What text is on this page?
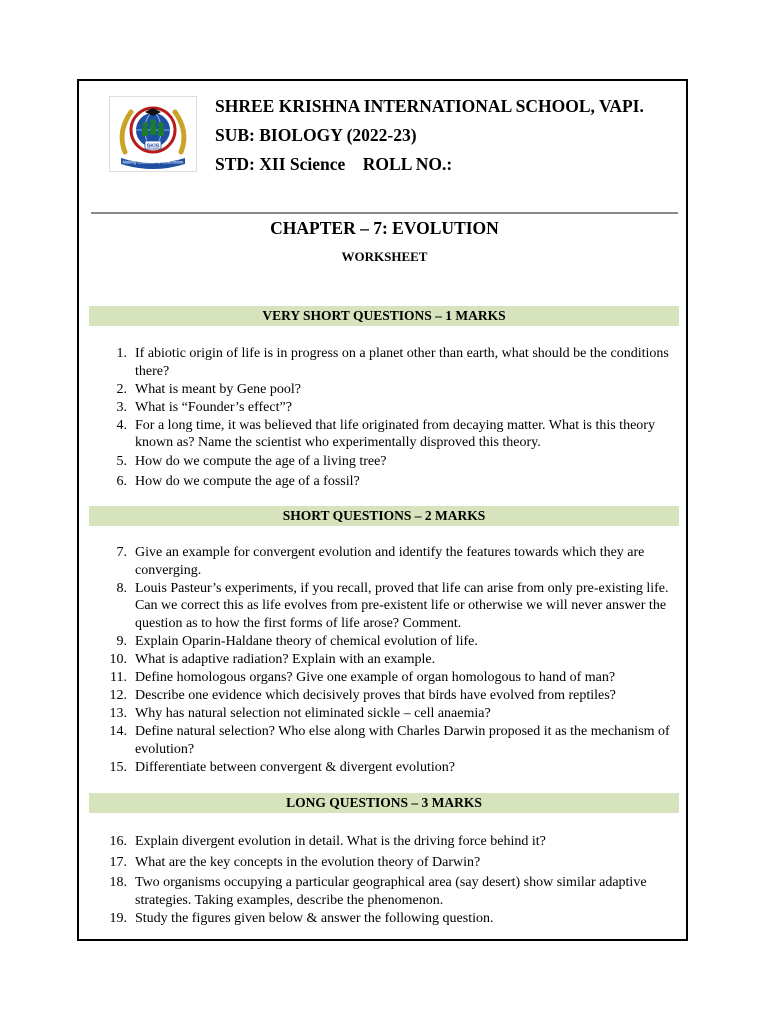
SKIS
Making Education a Celebration
SHREE KRISHNA INTERNATIONAL SCHOOL, VAPI.
SUB: BIOLOGY (2022-23)
STD: XII Science    ROLL NO.:
CHAPTER – 7: EVOLUTION
WORKSHEET
VERY SHORT QUESTIONS – 1 MARKS
1. If abiotic origin of life is in progress on a planet other than earth, what should be the conditions there?
2. What is meant by Gene pool?
3. What is “Founder’s effect”?
4. For a long time, it was believed that life originated from decaying matter. What is this theory known as? Name the scientist who experimentally disproved this theory.
5. How do we compute the age of a living tree?
6. How do we compute the age of a fossil?
SHORT QUESTIONS – 2 MARKS
7. Give an example for convergent evolution and identify the features towards which they are converging.
8. Louis Pasteur’s experiments, if you recall, proved that life can arise from only pre-existing life. Can we correct this as life evolves from pre-existent life or otherwise we will never answer the question as to how the first forms of life arose? Comment.
9. Explain Oparin-Haldane theory of chemical evolution of life.
10. What is adaptive radiation? Explain with an example.
11. Define homologous organs? Give one example of organ homologous to hand of man?
12. Describe one evidence which decisively proves that birds have evolved from reptiles?
13. Why has natural selection not eliminated sickle – cell anaemia?
14. Define natural selection? Who else along with Charles Darwin proposed it as the mechanism of evolution?
15. Differentiate between convergent & divergent evolution?
LONG QUESTIONS – 3 MARKS
16. Explain divergent evolution in detail. What is the driving force behind it?
17. What are the key concepts in the evolution theory of Darwin?
18. Two organisms occupying a particular geographical area (say desert) show similar adaptive strategies. Taking examples, describe the phenomenon.
19. Study the figures given below & answer the following question.
